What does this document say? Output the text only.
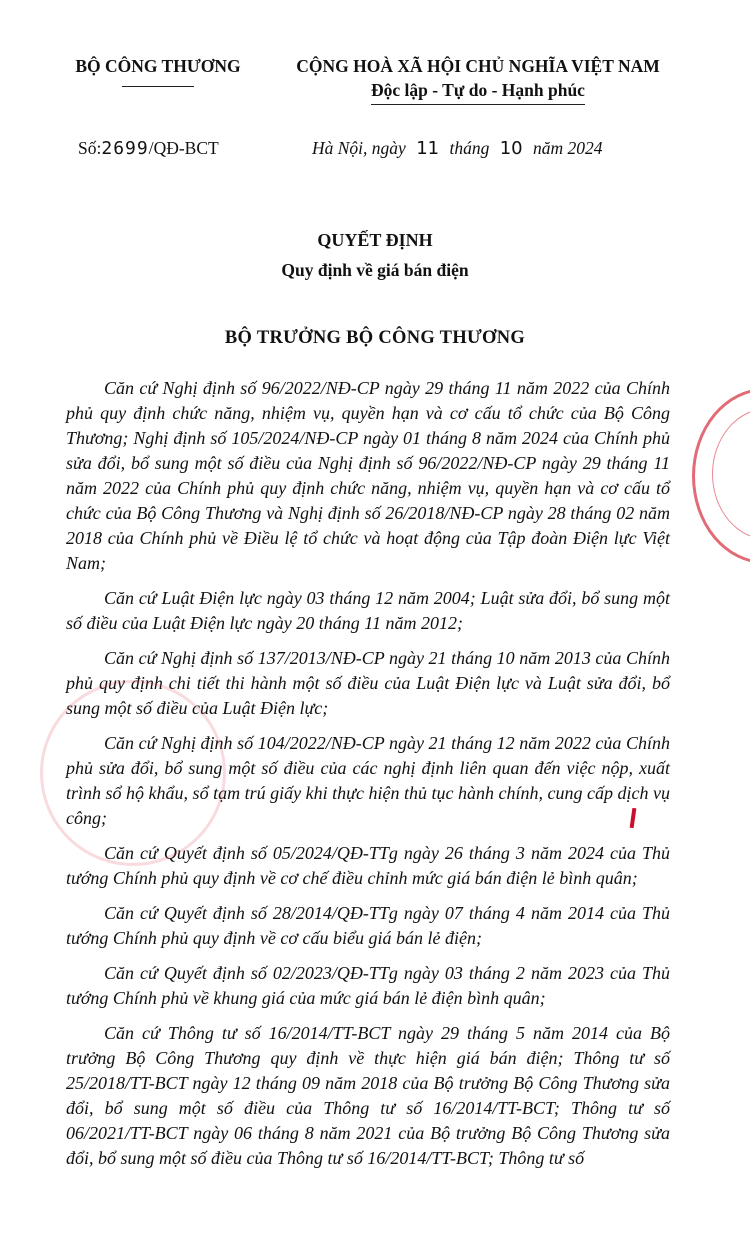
BỘ CÔNG THƯƠNG	CỘNG HOÀ XÃ HỘI CHỦ NGHĨA VIỆT NAM
Độc lập - Tự do - Hạnh phúc
Số:2699/QĐ-BCT	Hà Nội, ngày 11 tháng 10 năm 2024
QUYẾT ĐỊNH
Quy định về giá bán điện
BỘ TRƯỞNG BỘ CÔNG THƯƠNG

Căn cứ Nghị định số 96/2022/NĐ-CP ngày 29 tháng 11 năm 2022 của Chính phủ quy định chức năng, nhiệm vụ, quyền hạn và cơ cấu tổ chức của Bộ Công Thương; Nghị định số 105/2024/NĐ-CP ngày 01 tháng 8 năm 2024 của Chính phủ sửa đổi, bổ sung một số điều của Nghị định số 96/2022/NĐ-CP ngày 29 tháng 11 năm 2022 của Chính phủ quy định chức năng, nhiệm vụ, quyền hạn và cơ cấu tổ chức của Bộ Công Thương và Nghị định số 26/2018/NĐ-CP ngày 28 tháng 02 năm 2018 của Chính phủ về Điều lệ tổ chức và hoạt động của Tập đoàn Điện lực Việt Nam;

Căn cứ Luật Điện lực ngày 03 tháng 12 năm 2004; Luật sửa đổi, bổ sung một số điều của Luật Điện lực ngày 20 tháng 11 năm 2012;

Căn cứ Nghị định số 137/2013/NĐ-CP ngày 21 tháng 10 năm 2013 của Chính phủ quy định chi tiết thi hành một số điều của Luật Điện lực và Luật sửa đổi, bổ sung một số điều của Luật Điện lực;

Căn cứ Nghị định số 104/2022/NĐ-CP ngày 21 tháng 12 năm 2022 của Chính phủ sửa đổi, bổ sung một số điều của các nghị định liên quan đến việc nộp, xuất trình sổ hộ khẩu, sổ tạm trú giấy khi thực hiện thủ tục hành chính, cung cấp dịch vụ công;

Căn cứ Quyết định số 05/2024/QĐ-TTg ngày 26 tháng 3 năm 2024 của Thủ tướng Chính phủ quy định về cơ chế điều chỉnh mức giá bán điện lẻ bình quân;

Căn cứ Quyết định số 28/2014/QĐ-TTg ngày 07 tháng 4 năm 2014 của Thủ tướng Chính phủ quy định về cơ cấu biểu giá bán lẻ điện;

Căn cứ Quyết định số 02/2023/QĐ-TTg ngày 03 tháng 2 năm 2023 của Thủ tướng Chính phủ về khung giá của mức giá bán lẻ điện bình quân;

Căn cứ Thông tư số 16/2014/TT-BCT ngày 29 tháng 5 năm 2014 của Bộ trưởng Bộ Công Thương quy định về thực hiện giá bán điện; Thông tư số 25/2018/TT-BCT ngày 12 tháng 09 năm 2018 của Bộ trưởng Bộ Công Thương sửa đổi, bổ sung một số điều của Thông tư số 16/2014/TT-BCT; Thông tư số 06/2021/TT-BCT ngày 06 tháng 8 năm 2021 của Bộ trưởng Bộ Công Thương sửa đổi, bổ sung một số điều của Thông tư số 16/2014/TT-BCT; Thông tư số
